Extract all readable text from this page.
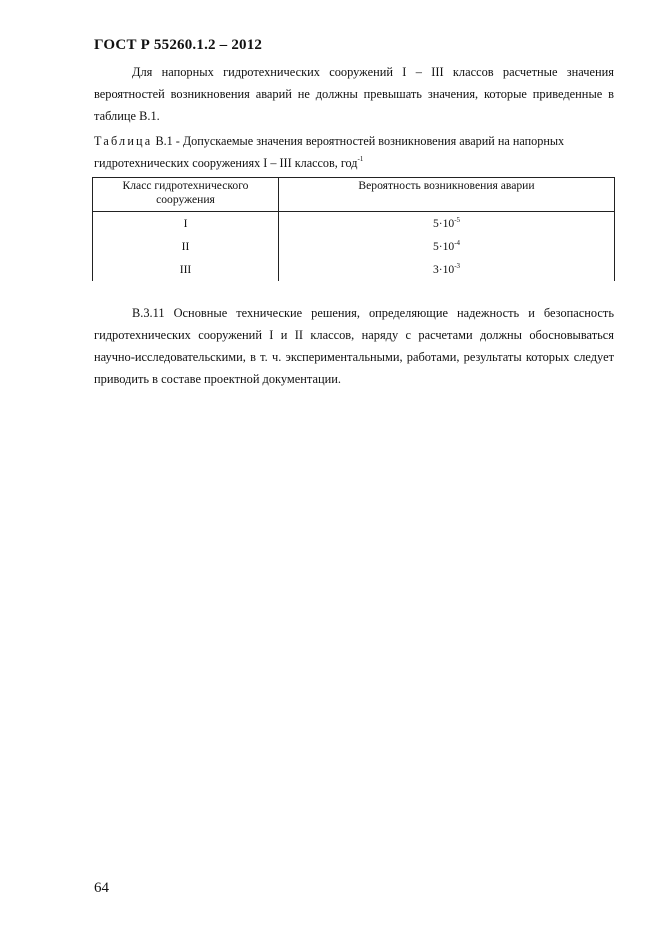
ГОСТ Р 55260.1.2 – 2012

Для напорных гидротехнических сооружений I – III классов расчетные значения вероятностей возникновения аварий не должны превышать значения, которые приведенные в таблице В.1.

Таблица В.1 - Допускаемые значения вероятностей возникновения аварий на напорных гидротехнических сооружениях I – III классов, год$^{-1}$
Класс гидротехнического сооружения	Вероятность возникновения аварии
I	$5\cdot 10^{-5}$
II	$5\cdot 10^{-4}$
III	$3\cdot 10^{-3}$

В.3.11 Основные технические решения, определяющие надежность и безопасность гидротехнических сооружений I и II классов, наряду с расчетами должны обосновываться научно-исследовательскими, в т. ч. экспериментальными, работами, результаты которых следует приводить в составе проектной документации.

64
